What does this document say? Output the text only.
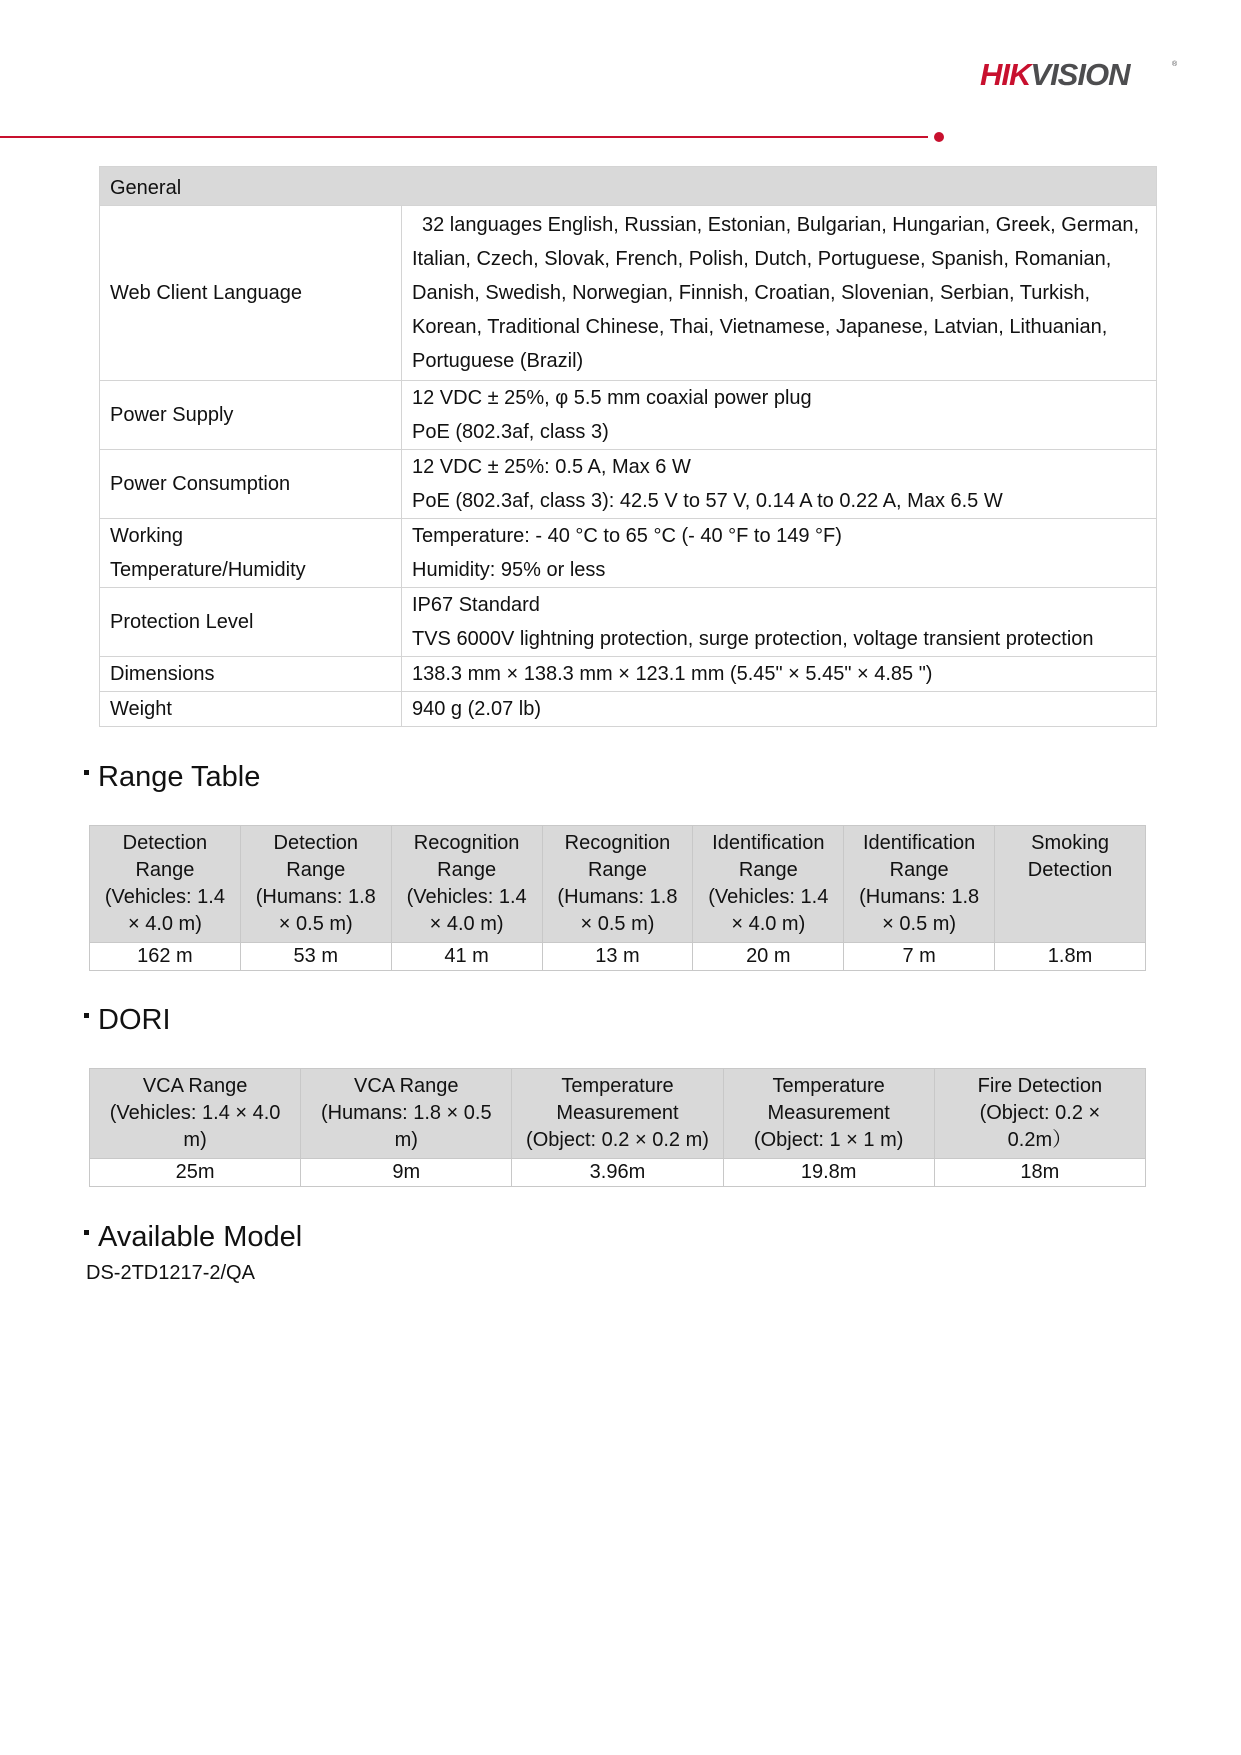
HIKVISION	®
General	
Web Client Language	32 languages English, Russian, Estonian, Bulgarian, Hungarian, Greek, German,
Italian, Czech, Slovak, French, Polish, Dutch, Portuguese, Spanish, Romanian,
Danish, Swedish, Norwegian, Finnish, Croatian, Slovenian, Serbian, Turkish,
Korean, Traditional Chinese, Thai, Vietnamese, Japanese, Latvian, Lithuanian,
Portuguese (Brazil)
Power Supply	12 VDC ± 25%, φ 5.5 mm coaxial power plug
PoE (802.3af, class 3)
Power Consumption	12 VDC ± 25%: 0.5 A, Max 6 W
PoE (802.3af, class 3): 42.5 V to 57 V, 0.14 A to 0.22 A, Max 6.5 W
Working
Temperature/Humidity	Temperature: - 40 °C to 65 °C (- 40 °F to 149 °F)
Humidity: 95% or less
Protection Level	IP67 Standard
TVS 6000V lightning protection, surge protection, voltage transient protection
Dimensions	138.3 mm × 138.3 mm × 123.1 mm (5.45" × 5.45" × 4.85 ")
Weight	940 g (2.07 lb)
Range Table
Detection
Range
(Vehicles: 1.4
× 4.0 m)	Detection
Range
(Humans: 1.8
× 0.5 m)	Recognition
Range
(Vehicles: 1.4
× 4.0 m)	Recognition
Range
(Humans: 1.8
× 0.5 m)	Identification
Range
(Vehicles: 1.4
× 4.0 m)	Identification
Range
(Humans: 1.8
× 0.5 m)	Smoking
Detection
162 m	53 m	41 m	13 m	20 m	7 m	1.8m
DORI
VCA Range
(Vehicles: 1.4 × 4.0
m)	VCA Range
(Humans: 1.8 × 0.5
m)	Temperature
Measurement
(Object: 0.2 × 0.2 m)	Temperature
Measurement
(Object: 1 × 1 m)	Fire Detection
(Object: 0.2 ×
0.2m）
25m	9m	3.96m	19.8m	18m
Available Model
DS-2TD1217-2/QA
